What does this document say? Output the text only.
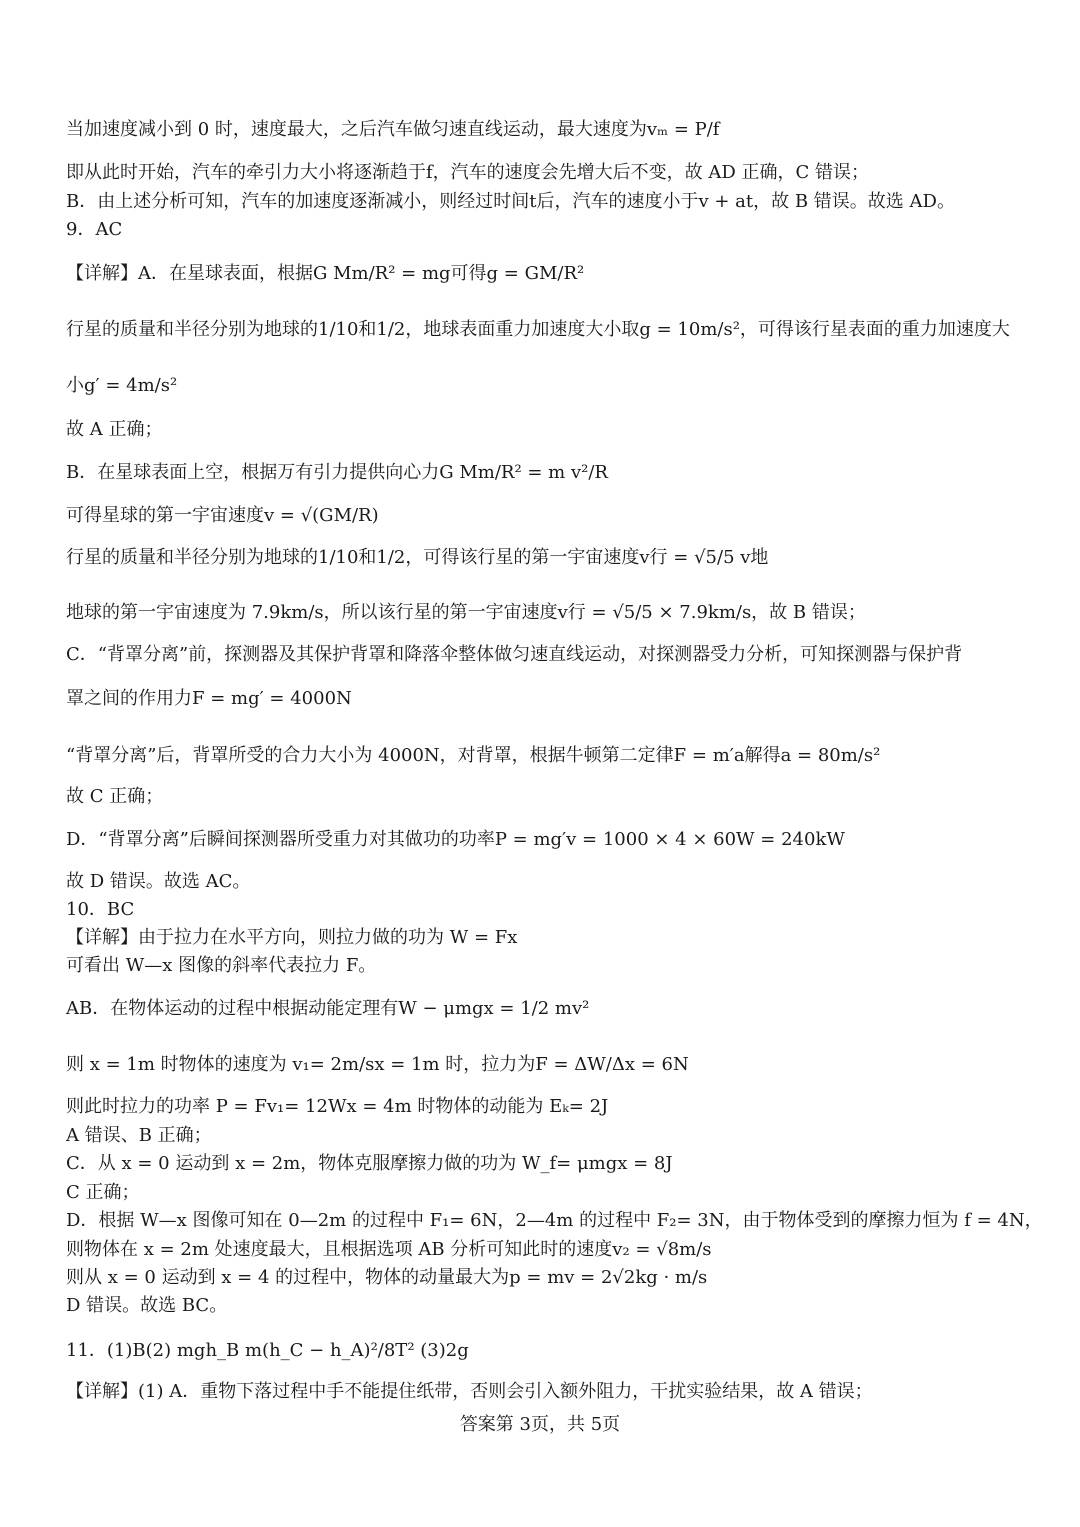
当加速度减小到 0 时，速度最大，之后汽车做匀速直线运动，最大速度为vₘ = P/f
即从此时开始，汽车的牵引力大小将逐渐趋于f，汽车的速度会先增大后不变，故 AD 正确，C 错误；
B．由上述分析可知，汽车的加速度逐渐减小，则经过时间t后，汽车的速度小于v + at，故 B 错误。故选 AD。
9．AC
【详解】A．在星球表面，根据G Mm/R² = mg可得g = GM/R²
行星的质量和半径分别为地球的1/10和1/2，地球表面重力加速度大小取g = 10m/s²，可得该行星表面的重力加速度大
小g′ = 4m/s²
故 A 正确；
B．在星球表面上空，根据万有引力提供向心力G Mm/R² = m v²/R
可得星球的第一宇宙速度v = √(GM/R)
行星的质量和半径分别为地球的1/10和1/2，可得该行星的第一宇宙速度v行 = √5/5 v地
地球的第一宇宙速度为 7.9km/s，所以该行星的第一宇宙速度v行 = √5/5 × 7.9km/s，故 B 错误；
C．“背罩分离”前，探测器及其保护背罩和降落伞整体做匀速直线运动，对探测器受力分析，可知探测器与保护背
罩之间的作用力F = mg′ = 4000N
“背罩分离”后，背罩所受的合力大小为 4000N，对背罩，根据牛顿第二定律F = m′a解得a = 80m/s²
故 C 正确；
D．“背罩分离”后瞬间探测器所受重力对其做功的功率P = mg′v = 1000 × 4 × 60W = 240kW
故 D 错误。故选 AC。
10．BC
【详解】由于拉力在水平方向，则拉力做的功为 W = Fx
可看出 W—x 图像的斜率代表拉力 F。
AB．在物体运动的过程中根据动能定理有W − μmgx = 1/2 mv²
则 x = 1m 时物体的速度为 v₁= 2m/sx = 1m 时，拉力为F = ΔW/Δx = 6N
则此时拉力的功率 P = Fv₁= 12Wx = 4m 时物体的动能为 Eₖ= 2J
A 错误、B 正确；
C．从 x = 0 运动到 x = 2m，物体克服摩擦力做的功为 W_f= μmgx = 8J
C 正确；
D．根据 W—x 图像可知在 0—2m 的过程中 F₁= 6N，2—4m 的过程中 F₂= 3N，由于物体受到的摩擦力恒为 f = 4N，
则物体在 x = 2m 处速度最大，且根据选项 AB 分析可知此时的速度v₂ = √8m/s
则从 x = 0 运动到 x = 4 的过程中，物体的动量最大为p = mv = 2√2kg · m/s
D 错误。故选 BC。
11．(1)B(2) mgh_B m(h_C − h_A)²/8T² (3)2g
【详解】(1) A．重物下落过程中手不能提住纸带，否则会引入额外阻力，干扰实验结果，故 A 错误；
答案第 3页，共 5页
